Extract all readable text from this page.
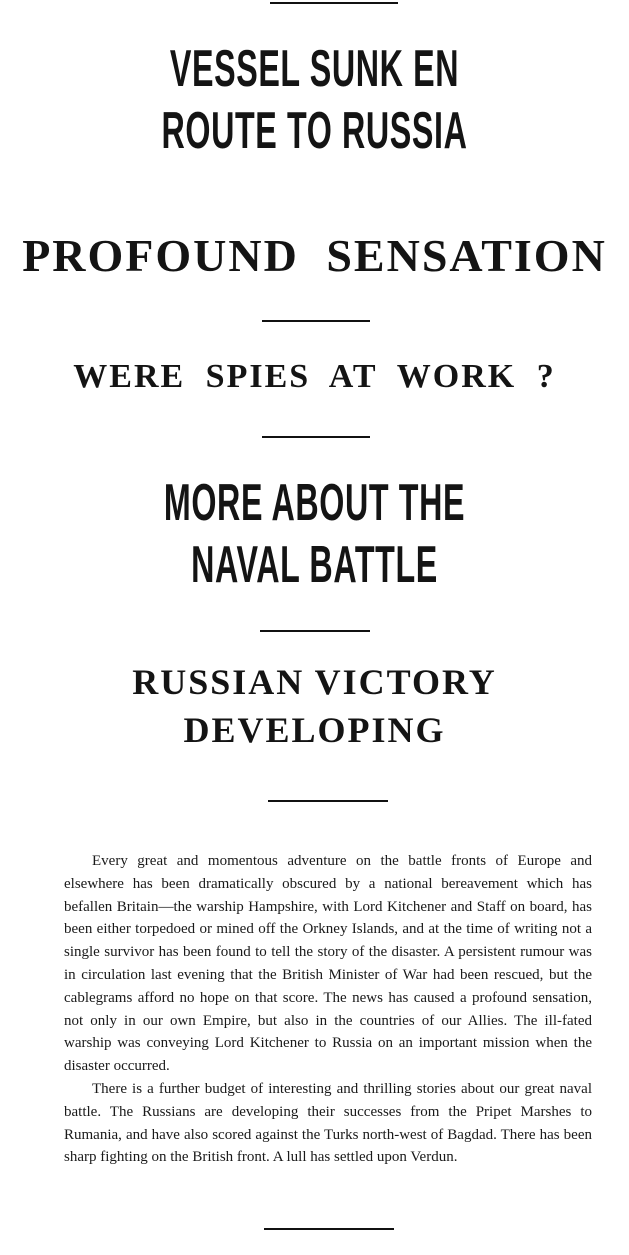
VESSEL SUNK EN ROUTE TO RUSSIA
PROFOUND SENSATION
WERE SPIES AT WORK ?
MORE ABOUT THE NAVAL BATTLE
RUSSIAN VICTORY DEVELOPING

Every great and momentous adventure on the battle fronts of Europe and elsewhere has been dramatically obscured by a national bereavement which has befallen Britain—the warship Hampshire, with Lord Kitchener and Staff on board, has been either torpedoed or mined off the Orkney Islands, and at the time of writing not a single survivor has been found to tell the story of the disaster. A persistent rumour was in circulation last evening that the British Minister of War had been rescued, but the cablegrams afford no hope on that score. The news has caused a profound sensation, not only in our own Empire, but also in the countries of our Allies. The ill-fated warship was conveying Lord Kitchener to Russia on an important mission when the disaster occurred.

There is a further budget of interesting and thrilling stories about our great naval battle. The Russians are developing their successes from the Pripet Marshes to Rumania, and have also scored against the Turks north-west of Bagdad. There has been sharp fighting on the British front. A lull has settled upon Verdun.
